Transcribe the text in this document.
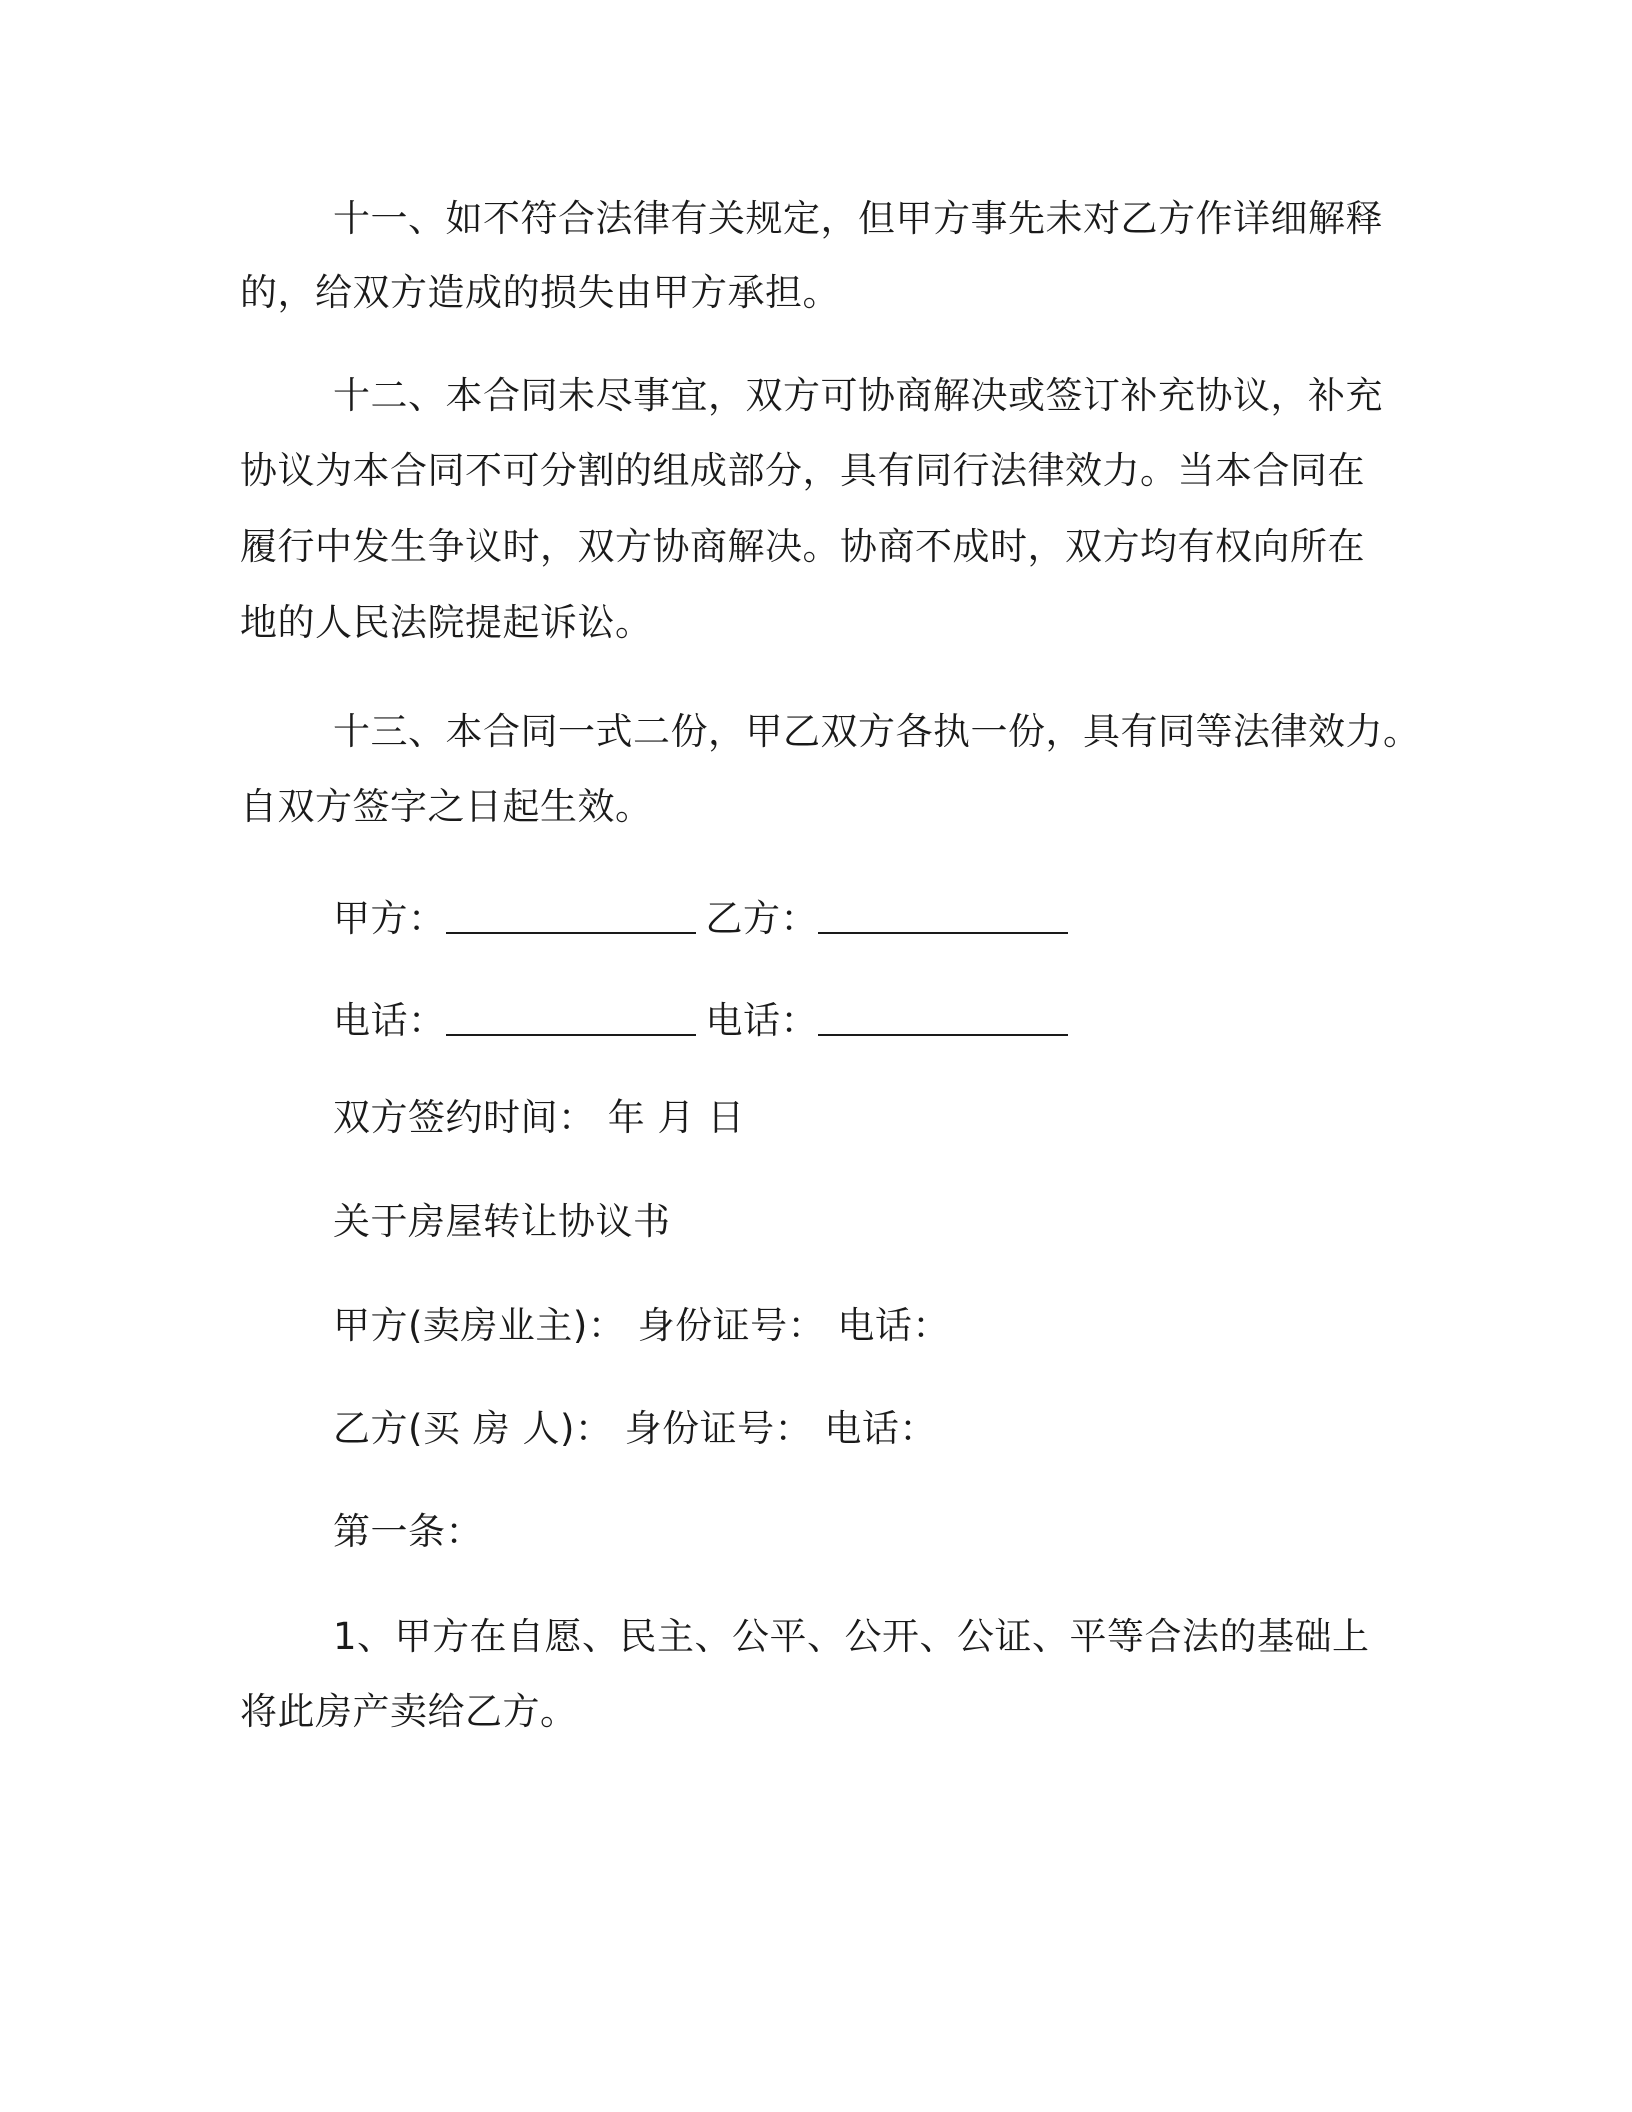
十一、如不符合法律有关规定，但甲方事先未对乙方作详细解释
的，给双方造成的损失由甲方承担。
十二、本合同未尽事宜，双方可协商解决或签订补充协议，补充
协议为本合同不可分割的组成部分，具有同行法律效力。当本合同在
履行中发生争议时，双方协商解决。协商不成时，双方均有权向所在
地的人民法院提起诉讼。
十三、本合同一式二份，甲乙双方各执一份，具有同等法律效力。
自双方签字之日起生效。
甲方：	乙方：
电话：	电话：
双方签约时间： 年 月 日
关于房屋转让协议书
甲方(卖房业主)： 身份证号： 电话：
乙方(买 房 人)： 身份证号： 电话：
第一条：
1、甲方在自愿、民主、公平、公开、公证、平等合法的基础上
将此房产卖给乙方。
